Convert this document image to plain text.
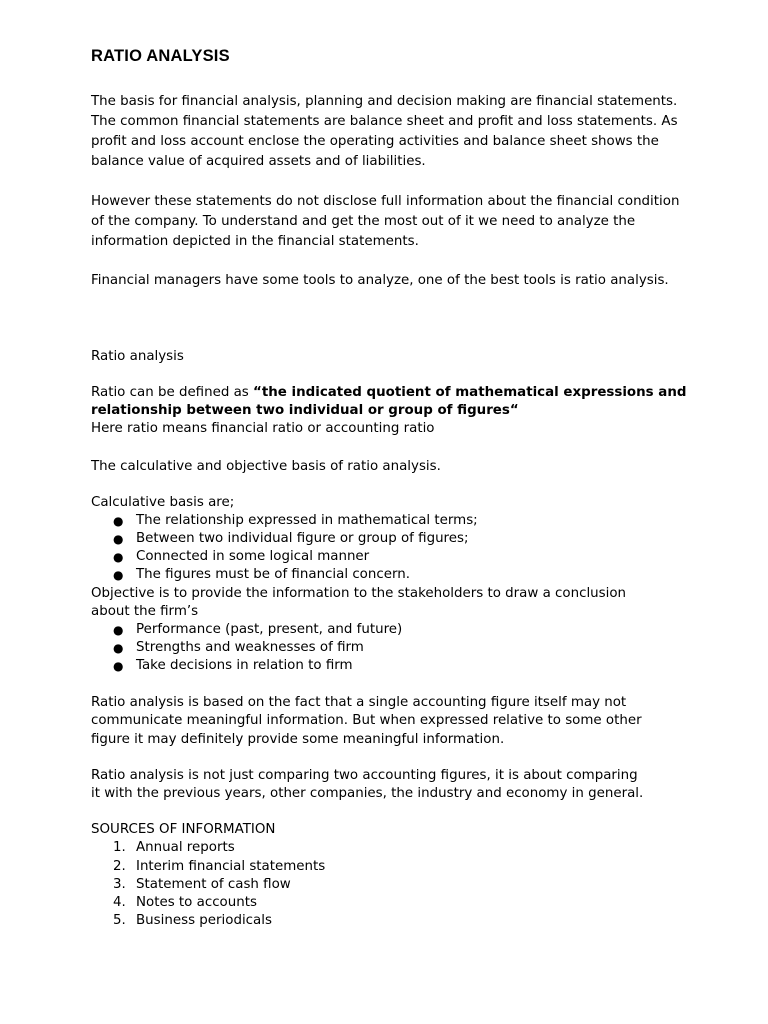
RATIO ANALYSIS

The basis for financial analysis, planning and decision making are financial statements. The common financial statements are balance sheet and profit and loss statements. As profit and loss account enclose the operating activities and balance sheet shows the balance value of acquired assets and of liabilities.

However these statements do not disclose full information about the financial condition of the company. To understand and get the most out of it we need to analyze the information depicted in the financial statements.

Financial managers have some tools to analyze, one of the best tools is ratio analysis.

Ratio analysis
Ratio can be defined as “the indicated quotient of mathematical expressions and
relationship between two individual or group of figures“
Here ratio means financial ratio or accounting ratio
The calculative and objective basis of ratio analysis.
Calculative basis are;
● The relationship expressed in mathematical terms;
● Between two individual figure or group of figures;
● Connected in some logical manner
● The figures must be of financial concern.
Objective is to provide the information to the stakeholders to draw a conclusion
about the firm’s
● Performance (past, present, and future)
● Strengths and weaknesses of firm
● Take decisions in relation to firm
Ratio analysis is based on the fact that a single accounting figure itself may not
communicate meaningful information. But when expressed relative to some other
figure it may definitely provide some meaningful information.
Ratio analysis is not just comparing two accounting figures, it is about comparing
it with the previous years, other companies, the industry and economy in general.
SOURCES OF INFORMATION
1. Annual reports
2. Interim financial statements
3. Statement of cash flow
4. Notes to accounts
5. Business periodicals
